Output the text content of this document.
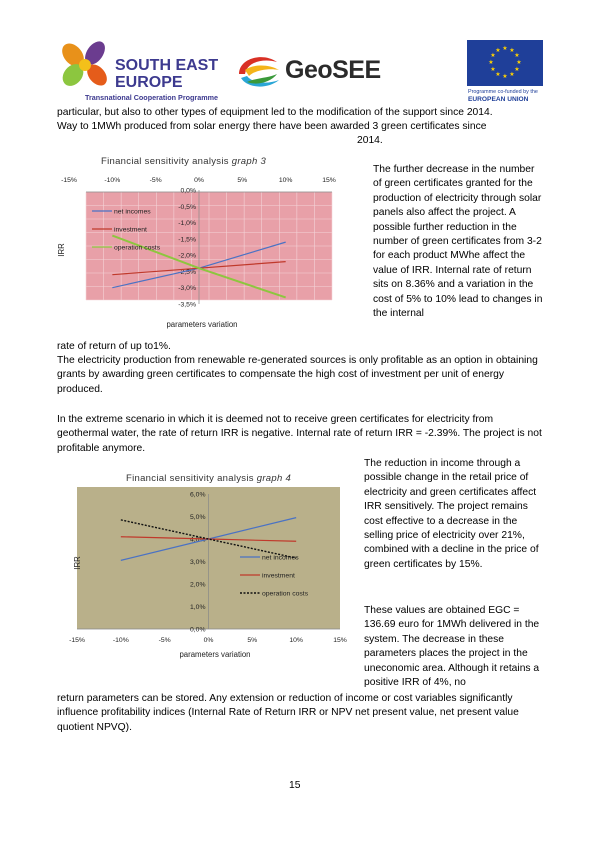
SOUTH EAST
EUROPE
Transnational Cooperation Programme
GeoSEE
★ ★
★
★
★
★
★
★
★
★
★
★
Programme co-funded by the
EUROPEAN UNION
particular, but also to other types of equipment led to the modification of the support since 2014.
Way to 1MWh produced from solar energy there have been awarded 3 green certificates since
2014.
Financial sensitivity analysis graph 3
0,0%
-0,5%
-1,0%
-1,5%
-2,0%
-2,5%
-3,0%
-3,5%
-15%	-10%	-5%	0%	5%	10%	15%
parameters variation
IRR
net incomes
investment
operation costs
The further decrease in the number of green certificates granted for the production of electricity through solar panels also affect the project. A possible further reduction in the number of green certificates from 3-2 for each product MWhe affect the value of IRR. Internal rate of return sits on 8.36% and a variation in the cost of 5% to 10% lead to changes in the internal
rate of return of up to1%.
The electricity production from renewable re-generated sources is only profitable as an option in obtaining grants by awarding green certificates to compensate the high cost of investment per unit of energy produced.
In the extreme scenario in which it is deemed not to receive green certificates for electricity from geothermal water, the rate of return IRR is negative. Internal rate of return IRR = -2.39%. The project is not profitable anymore.
Financial sensitivity analysis graph 4
6,0%
5,0%
4,0%
3,0%
2,0%
1,0%
0,0%
-15%	-10%	-5%	0%	5%	10%	15%
parameters variation
IRR	net incomes
investment
operation costs
The reduction in income through a possible change in the retail price of electricity and green certificates affect IRR sensitively. The project remains cost effective to a decrease in the selling price of electricity over 21%, combined with a decline in the price of green certificates by 15%.
These values are obtained EGC = 136.69 euro for 1MWh delivered in the system. The decrease in these parameters places the project in the uneconomic area. Although it retains a positive IRR of 4%, no
return parameters can be stored. Any extension or reduction of income or cost variables significantly influence profitability indices (Internal Rate of Return IRR or NPV net present value, net present value quotient NPVQ).
15
